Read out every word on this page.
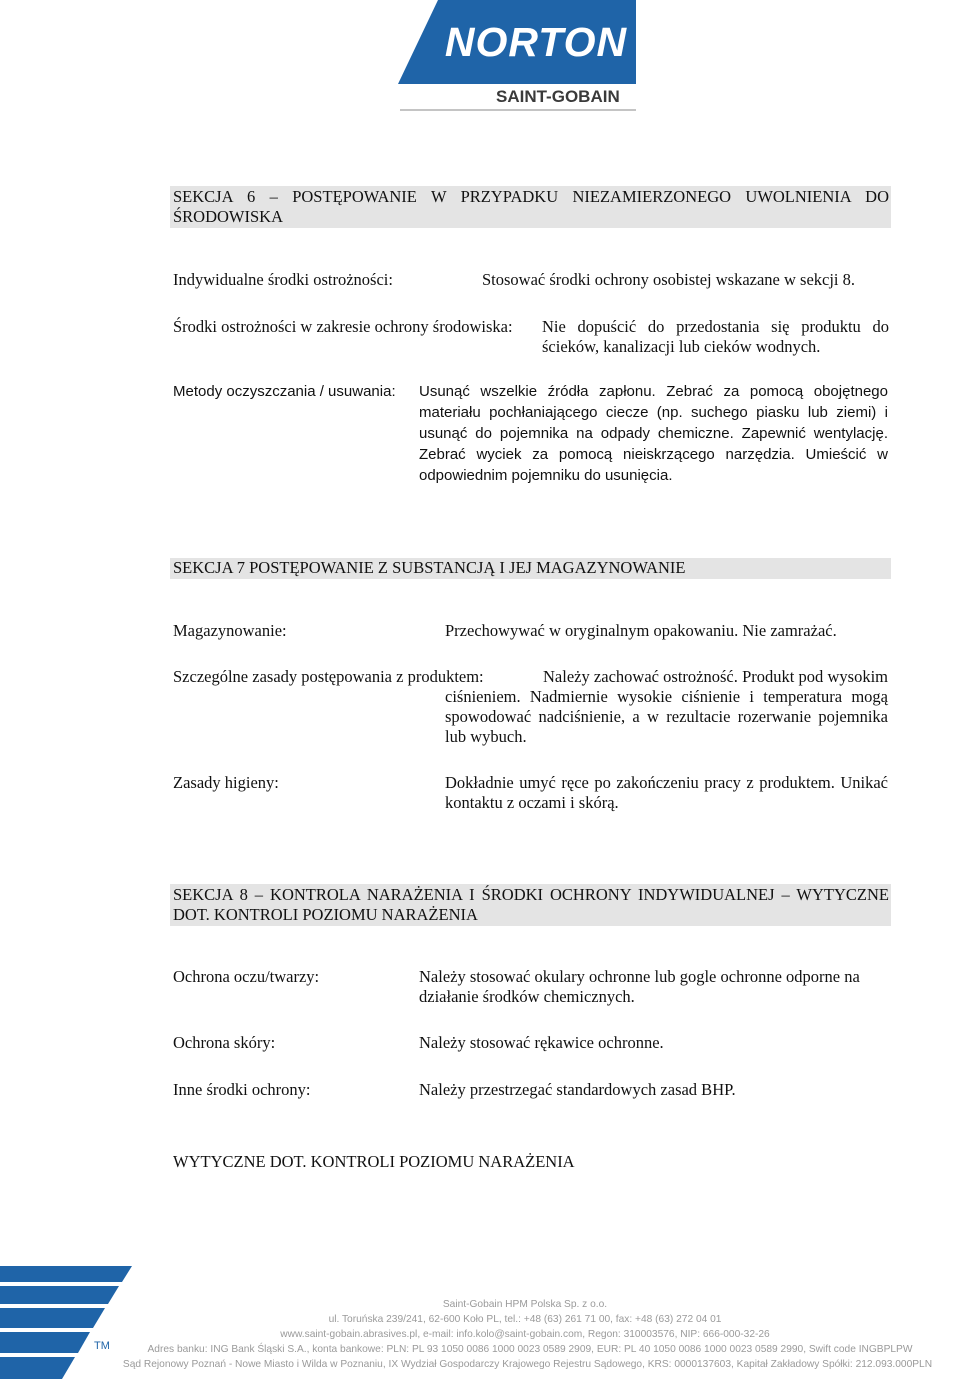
NORTON
SAINT-GOBAIN
SEKCJA 6 – POSTĘPOWANIE W PRZYPADKU NIEZAMIERZONEGO UWOLNIENIA DO ŚRODOWISKA
Indywidualne środki ostrożności:	Stosować środki ochrony osobistej wskazane w sekcji 8.
Środki ostrożności w zakresie ochrony środowiska: Nie dopuścić do przedostania się produktu do ścieków, kanalizacji lub cieków wodnych.
Metody oczyszczania / usuwania: Usunąć wszelkie źródła zapłonu. Zebrać za pomocą obojętnego materiału pochłaniającego ciecze (np. suchego piasku lub ziemi) i usunąć do pojemnika na odpady chemiczne. Zapewnić wentylację. Zebrać wyciek za pomocą nieiskrzącego narzędzia. Umieścić w odpowiednim pojemniku do usunięcia.
SEKCJA 7 POSTĘPOWANIE Z SUBSTANCJĄ I JEJ MAGAZYNOWANIE
Magazynowanie:	Przechowywać w oryginalnym opakowaniu. Nie zamrażać.
Szczególne zasady postępowania z produktem:	Należy zachować ostrożność. Produkt pod wysokim ciśnieniem. Nadmiernie wysokie ciśnienie i temperatura mogą spowodować nadciśnienie, a w rezultacie rozerwanie pojemnika lub wybuch.
Zasady higieny:	Dokładnie umyć ręce po zakończeniu pracy z produktem. Unikać kontaktu z oczami i skórą.
SEKCJA 8 – KONTROLA NARAŻENIA I ŚRODKI OCHRONY INDYWIDUALNEJ – WYTYCZNE DOT. KONTROLI POZIOMU NARAŻENIA
Ochrona oczu/twarzy:	Należy stosować okulary ochronne lub gogle ochronne odporne na działanie środków chemicznych.
Ochrona skóry:	Należy stosować rękawice ochronne.
Inne środki ochrony:	Należy przestrzegać standardowych zasad BHP.
WYTYCZNE DOT. KONTROLI POZIOMU NARAŻENIA
TM
Saint-Gobain HPM Polska Sp. z o.o.
ul. Toruńska 239/241, 62-600 Koło PL, tel.: +48 (63) 261 71 00, fax: +48 (63) 272 04 01
www.saint-gobain.abrasives.pl, e-mail: info.kolo@saint-gobain.com, Regon: 310003576, NIP: 666-000-32-26
Adres banku: ING Bank Śląski S.A., konta bankowe: PLN: PL 93 1050 0086 1000 0023 0589 2909, EUR: PL 40 1050 0086 1000 0023 0589 2990, Swift code INGBPLPW
Sąd Rejonowy Poznań - Nowe Miasto i Wilda w Poznaniu, IX Wydział Gospodarczy Krajowego Rejestru Sądowego, KRS: 0000137603, Kapitał Zakładowy Spółki: 212.093.000PLN
